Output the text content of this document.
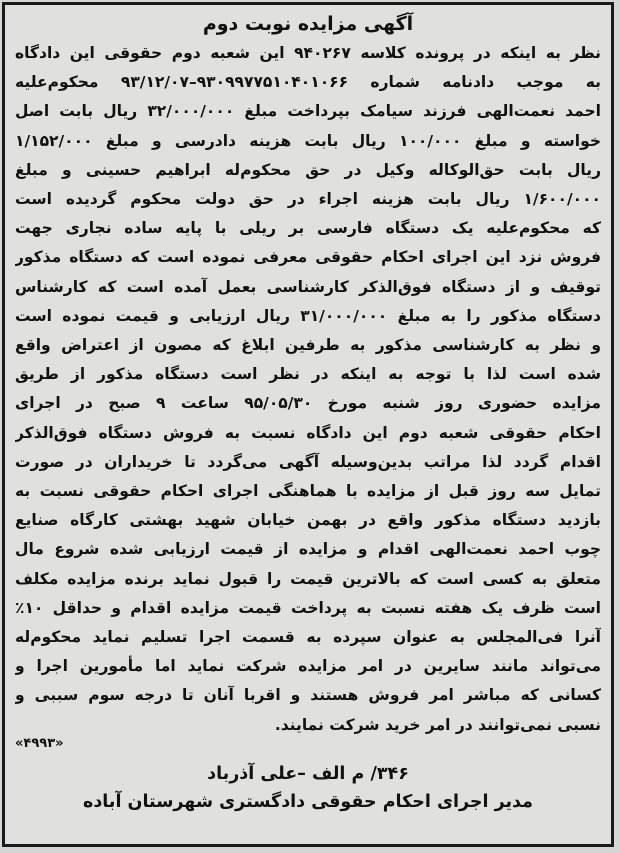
آگهی مزایده نوبت دوم
نظر به اینکه در پرونده کلاسه ۹۴۰۲۶۷ این شعبه دوم حقوقی این دادگاه
به موجب دادنامه شماره ۹۳۰۹۹۷۷۵۱۰۴۰۱۰۶۶–۹۳/۱۲/۰۷ محکوم‌علیه
احمد نعمت‌الهی فرزند سیامک بپرداخت مبلغ ۳۲/۰۰۰/۰۰۰ ریال بابت اصل
خواسته و مبلغ ۱۰۰/۰۰۰ ریال بابت هزینه دادرسی و مبلغ ۱/۱۵۲/۰۰۰
ریال بابت حق‌الوکاله وکیل در حق محکوم‌له ابراهیم حسینی و مبلغ
۱/۶۰۰/۰۰۰ ریال بابت هزینه اجراء در حق دولت محکوم گردیده است
که محکوم‌علیه یک دستگاه فارسی بر ریلی با پایه ساده نجاری جهت
فروش نزد این اجرای احکام حقوقی معرفی نموده است که دستگاه مذکور
توقیف و از دستگاه فوق‌الذکر کارشناسی بعمل آمده است که کارشناس
دستگاه مذکور را به مبلغ ۳۱/۰۰۰/۰۰۰ ریال ارزیابی و قیمت نموده است
و نظر به کارشناسی مذکور به طرفین ابلاغ که مصون از اعتراض واقع
شده است لذا با توجه به اینکه در نظر است دستگاه مذکور از طریق
مزایده حضوری روز شنبه مورخ ۹۵/۰۵/۳۰ ساعت ۹ صبح در اجرای
احکام حقوقی شعبه دوم این دادگاه نسبت به فروش دستگاه فوق‌الذکر
اقدام گردد لذا مراتب بدین‌وسیله آگهی می‌گردد تا خریداران در صورت
تمایل سه روز قبل از مزایده با هماهنگی اجرای احکام حقوقی نسبت به
بازدید دستگاه مذکور واقع در بهمن خیابان شهید بهشتی کارگاه صنایع
چوب احمد نعمت‌الهی اقدام و مزایده از قیمت ارزیابی شده شروع مال
متعلق به کسی است که بالاترین قیمت را قبول نماید برنده مزایده مکلف
است ظرف یک هفته نسبت به پرداخت قیمت مزایده اقدام و حداقل ۱۰٪
آنرا فی‌المجلس به عنوان سپرده به قسمت اجرا تسلیم نماید محکوم‌له
می‌تواند مانند سایرین در امر مزایده شرکت نماید اما مأمورین اجرا و
کسانی که مباشر امر فروش هستند و اقربا آنان تا درجه سوم سببی و
نسبی نمی‌توانند در امر خرید شرکت نمایند.
«۴۹۹۳»
۳۴۶/ م الف –علی آذرباد
مدیر اجرای احکام حقوقی دادگستری شهرستان آباده
